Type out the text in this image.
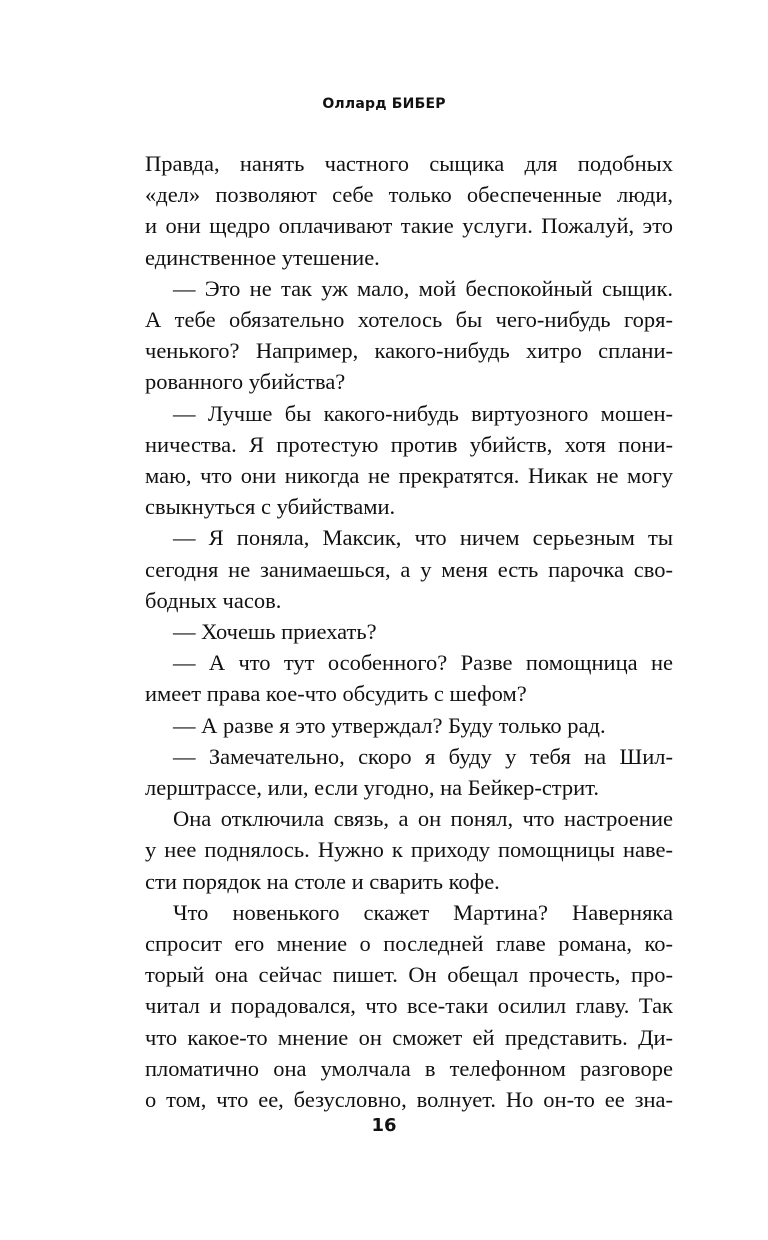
Оллард БИБЕР
Правда, нанять частного сыщика для подобных
«дел» позволяют себе только обеспеченные люди,
и они щедро оплачивают такие услуги. Пожалуй, это
единственное утешение.
— Это не так уж мало, мой беспокойный сыщик.
А тебе обязательно хотелось бы чего-нибудь горя-
ченького? Например, какого-нибудь хитро сплани-
рованного убийства?
— Лучше бы какого-нибудь виртуозного мошен-
ничества. Я протестую против убийств, хотя пони-
маю, что они никогда не прекратятся. Никак не могу
свыкнуться с убийствами.
— Я поняла, Максик, что ничем серьезным ты
сегодня не занимаешься, а у меня есть парочка сво-
бодных часов.
— Хочешь приехать?
— А что тут особенного? Разве помощница не
имеет права кое-что обсудить с шефом?
— А разве я это утверждал? Буду только рад.
— Замечательно, скоро я буду у тебя на Шил-
лерштрассе, или, если угодно, на Бейкер-стрит.
Она отключила связь, а он понял, что настроение
у нее поднялось. Нужно к приходу помощницы наве-
сти порядок на столе и сварить кофе.
Что новенького скажет Мартина? Наверняка
спросит его мнение о последней главе романа, ко-
торый она сейчас пишет. Он обещал прочесть, про-
читал и порадовался, что все-таки осилил главу. Так
что какое-то мнение он сможет ей представить. Ди-
пломатично она умолчала в телефонном разговоре
о том, что ее, безусловно, волнует. Но он-то ее зна-
16
